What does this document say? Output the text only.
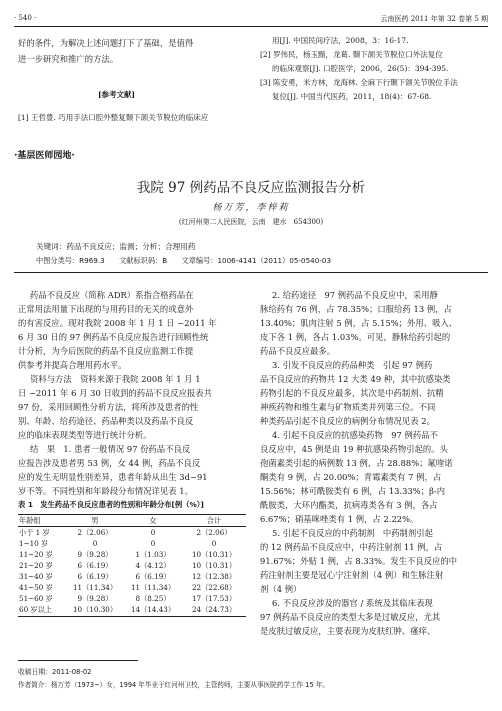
· 540 ·	云南医药 2011 年第 32 卷第 5 期
好的条件，为解决上述问题打下了基础，是值得
进一步研究和推广的方法。
[参考文献]
[1] 王哲豊. 巧用手法口腔外整复颞下颌关节脱位的临床应
用[J]. 中国民间疗法，2008，3：16-17.
[2] 罗伟民，杨玉黯，龙葛. 颞下颌关节脱位口外法复位
的临床观察[J]. 口腔医学，2006，26(5)：394-395.
[3] 陈安勇，米方林，龙海林. 全麻下行颞下颌关节脱位手法
复位[J]. 中国当代医药，2011，18(4)：67-68.
·基层医师园地·
我院 97 例药品不良反应监测报告分析
杨万芳，李梓莉
(红河州第二人民医院，云南　建水　654300)
关键词：药品不良反应；监测；分析；合理用药
中图分类号：R969.3　　文献标识码：B　　文章编号：1006-4141（2011）05-0540-03
药品不良反应（简称 ADR）系指合格药品在
正常用法用量下出现的与用药目的无关的或意外
的有害反应。现对我院 2008 年 1 月 1 日 ~2011 年
6 月 30 日的 97 例药品不良反应报告进行回顾性统
计分析，为今后医院的药品不良反应监测工作提
供参考并提高合理用药水平。
资料与方法　资料来源于我院 2008 年 1 月 1
日 ~2011 年 6 月 30 日收到的药品不良反应报表共
97 份，采用回顾性分析方法，将所涉及患者的性
别、年龄、给药途径、药品种类以及药品不良反
应的临床表现类型等进行统计分析。
结　果　1. 患者一般情况 97 份药品不良反
应报告涉及患者男 53 例，女 44 例，药品不良反
应的发生无明显性别差异，患者年龄从出生 3d~91
岁不等。不同性别和年龄段分布情况详见表 1。
表 1　发生药品不良反应患者的性别和年龄分布[例（%）]
年龄组	男	女	合计
小于 1 岁	2（2.06）	0	2（2.06）
1~10 岁	0	0	0
11~20 岁	9（9.28）	1（1.03）	10（10.31）
21~20 岁	6（6.19）	4（4.12）	10（10.31）
31~40 岁	6（6.19）	6（6.19）	12（12.38）
41~50 岁	11（11.34）	11（11.34）	22（22.68）
51~60 岁	9（9.28）	8（8.25）	17（17.53）
60 岁以上	10（10.30）	14（14.43）	24（24.73）
2. 给药途径　97 例药品不良反应中，采用静
脉给药有 76 例，占 78.35%；口服给药 13 例，占
13.40%；肌肉注射 5 例，占 5.15%；外用、吸入、
皮下各 1 例，各占 1.03%。可见，静脉给药引起的
药品不良反应最多。
3. 引发不良反应的药品种类　引起 97 例药
品不良反应的药物共 12 大类 49 种，其中抗感染类
药物引起的不良反应最多，其次是中药制剂、抗精
神疾药物和维生素与矿物质类并列第三位。不同
种类药品引起不良反应的病例分布情况见表 2。
4. 引起不良反应的抗感染药物　97 例药品不
良反应中，45 例是由 19 种抗感染药物引起的。头
孢菌素类引起的病例数 13 例，占 28.88%；氟喹诺
酮类有 9 例，占 20.00%；青霉素类有 7 例，占
15.56%；林可酰胺类有 6 例，占 13.33%；β-内
酰胺类，大环内酯类，抗病毒类各有 3 例，各占
6.67%；硝基咪唑类有 1 例，占 2.22%。
5. 引起不良反应的中药制剂　中药制剂引起
的 12 例药品不良反应中，中药注射剂 11 例，占
91.67%；外贴 1 例，占 8.33%。发生不良反应的中
药注射剂主要是冠心宁注射剂（4 例）和生脉注射
剂（4 例）
6. 不良反应涉及的器官 / 系统及其临床表现
97 例药品不良反应的类型大多是过敏反应，尤其
是皮肤过敏反应，主要表现为皮肤红肿、瘙痒、
收稿日期：2011-08-02
作者简介：杨万芳（1973~）女，1994 年毕业于红河州卫校，主管药师，主要从事医院药学工作 15 年。
